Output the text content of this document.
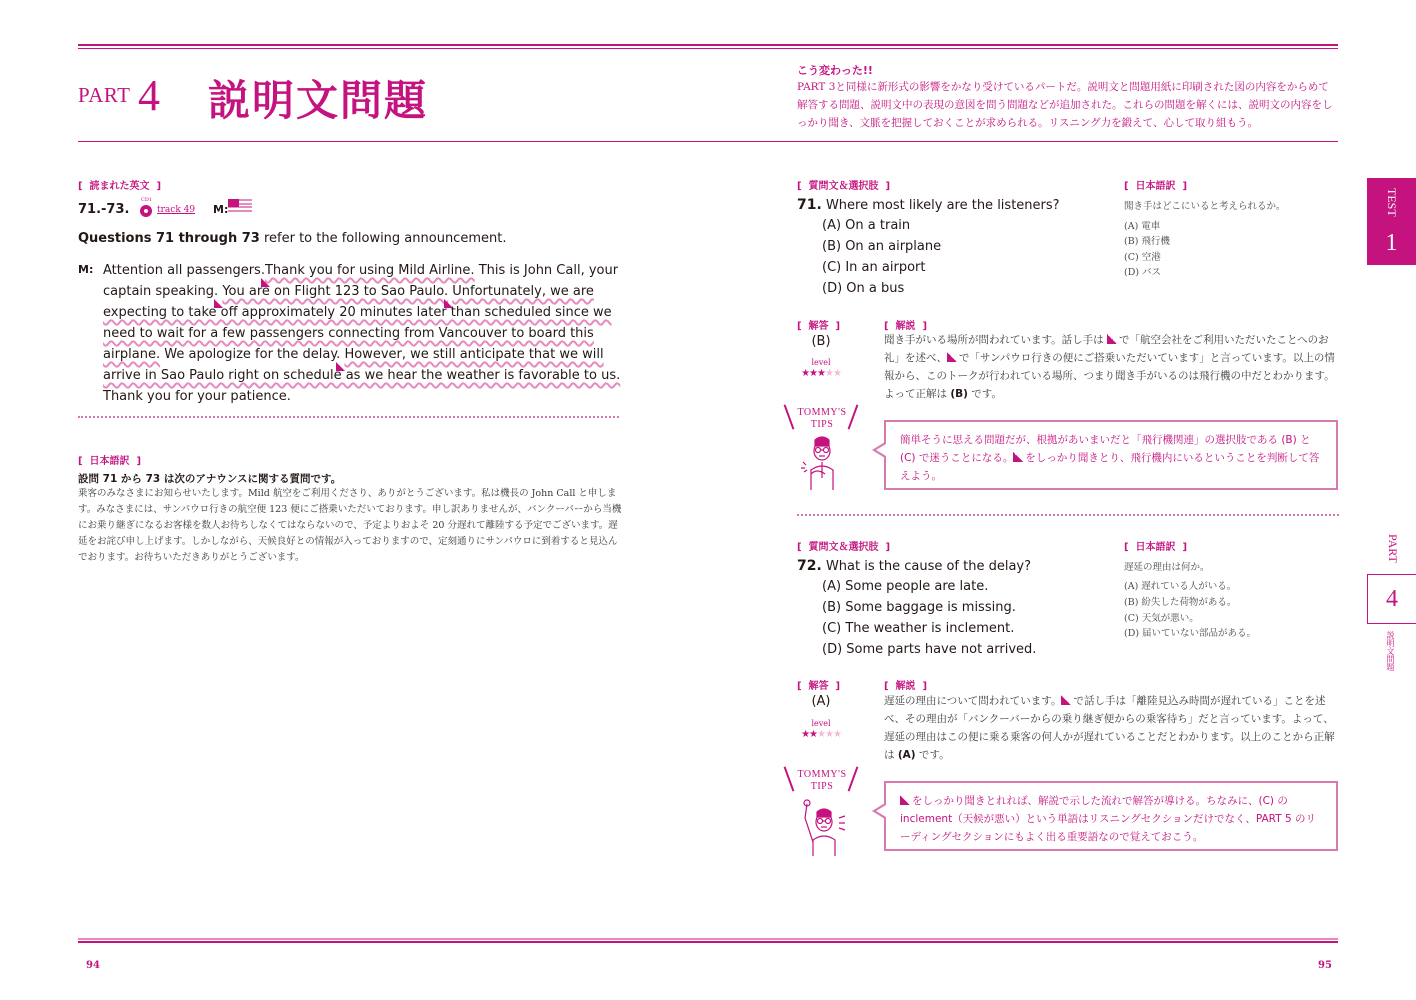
PART 4 説明文問題
こう変わった!!
PART 3と同様に新形式の影響をかなり受けているパートだ。説明文と問題用紙に印刷された図の内容をからめて解答する問題、説明文中の表現の意図を問う問題などが追加された。これらの問題を解くには、説明文の内容をしっかり聞き、文脈を把握しておくことが求められる。リスニング力を鍛えて、心して取り組もう。
[  読まれた英文  ]
71.-73.
CD1
track 49 M:
Questions 71 through 73 refer to the following announcement.
M: Attention all passengers.
Thank you for using Mild Airline. This is John Call, your captain speaking. You are on Flight 123 to Sao Paulo. Unfortunately, we are expecting to take off approximately 20 minutes later than scheduled since we need to wait for a few passengers connecting from Vancouver to board this airplane. We apologize for the delay. However, we still anticipate that we will arrive in Sao Paulo right on schedule as we hear the weather is favorable to us. Thank you for your patience.
[  日本語訳  ]
設問 71 から 73 は次のアナウンスに関する質問です。
乗客のみなさまにお知らせいたします。Mild 航空をご利用くださり、ありがとうございます。私は機長の John Call と申します。みなさまには、サンパウロ行きの航空便 123 便にご搭乗いただいております。申し訳ありませんが、バンクーバーから当機にお乗り継ぎになるお客様を数人お待ちしなくてはならないので、予定よりおよそ 20 分遅れて離陸する予定でございます。遅延をお詫び申し上げます。しかしながら、天候良好との情報が入っておりますので、定刻通りにサンパウロに到着すると見込んでおります。お待ちいただきありがとうございます。
[  質問文＆選択肢  ]
71. Where most likely are the listeners?
(A) On a train
(B) On an airplane
(C) In an airport
(D) On a bus
[  日本語訳  ]
聞き手はどこにいると考えられるか。
(A) 電車
(B) 飛行機
(C) 空港
(D) バス
[  解答  ]
(B)
level
★★★★★
[  解説  ]
聞き手がいる場所が問われています。話し手は で「航空会社をご利用いただいたことへのお礼」を述べ、 で「サンパウロ行きの便にご搭乗いただいています」と言っています。以上の情報から、このトークが行われている場所、つまり聞き手がいるのは飛行機の中だとわかります。よって正解は (B) です。
TOMMY'S
TIPS
簡単そうに思える問題だが、根拠があいまいだと「飛行機関連」の選択肢である (B) と (C) で迷うことになる。 をしっかり聞きとり、飛行機内にいるということを判断して答えよう。
[  質問文＆選択肢  ]
72. What is the cause of the delay?
(A) Some people are late.
(B) Some baggage is missing.
(C) The weather is inclement.
(D) Some parts have not arrived.
[  日本語訳  ]
遅延の理由は何か。
(A) 遅れている人がいる。
(B) 紛失した荷物がある。
(C) 天気が悪い。
(D) 届いていない部品がある。
[  解答  ]
(A)
level
★★★★★
[  解説  ]
遅延の理由について問われています。 で話し手は「離陸見込み時間が遅れている」ことを述べ、その理由が「バンクーバーからの乗り継ぎ便からの乗客待ち」だと言っています。よって、遅延の理由はこの便に乗る乗客の何人かが遅れていることだとわかります。以上のことから正解は (A) です。
TOMMY'S
TIPS
をしっかり聞きとれれば、解説で示した流れで解答が導ける。ちなみに、(C) の inclement（天候が悪い）という単語はリスニングセクションだけでなく、PART 5 のリーディングセクションにもよく出る重要語なので覚えておこう。
TEST
1
PART
4
説明文問題
94	95
